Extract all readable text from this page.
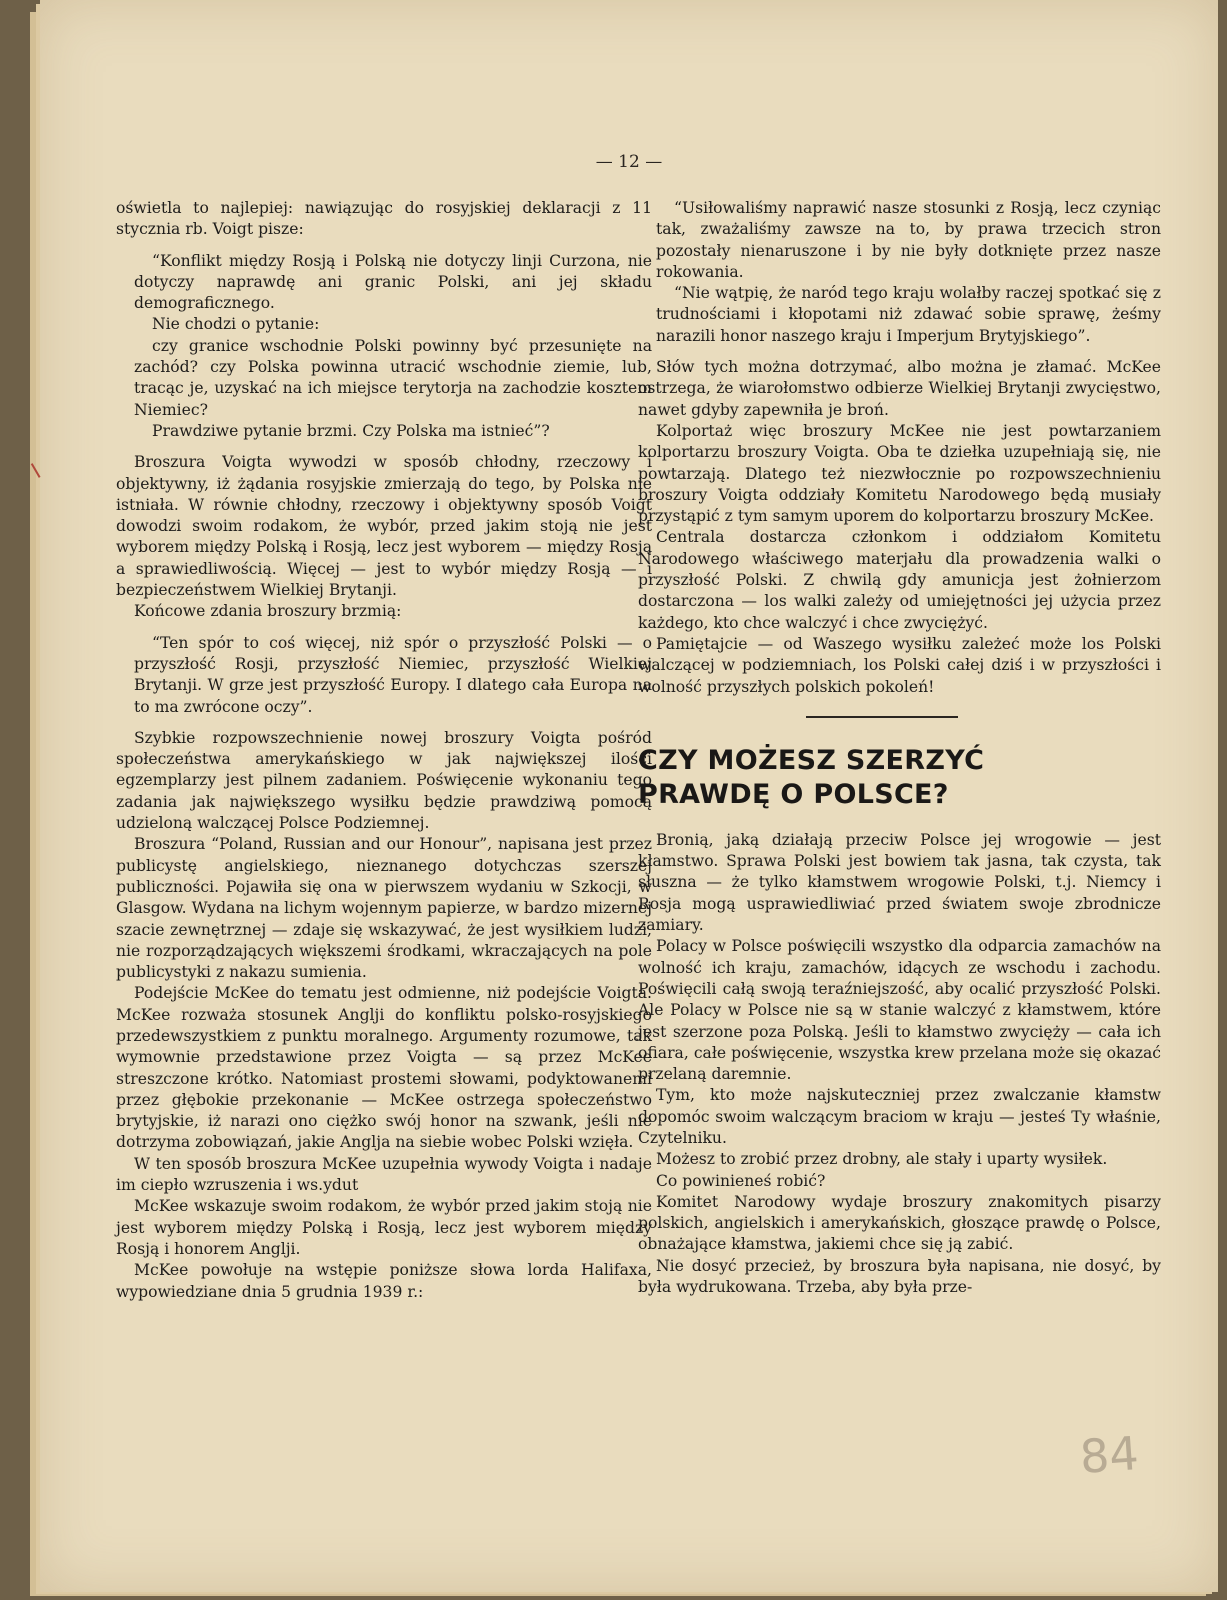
— 12 —

oświetla to najlepiej: nawiązując do rosyjskiej deklaracji z 11 stycznia rb. Voigt pisze:

“Konflikt między Rosją i Polską nie dotyczy linji Curzona, nie dotyczy naprawdę ani granic Polski, ani jej składu demograficznego.

Nie chodzi o pytanie:

czy granice wschodnie Polski powinny być przesunięte na zachód? czy Polska powinna utracić wschodnie ziemie, lub, tracąc je, uzyskać na ich miejsce terytorja na zachodzie kosztem Niemiec?

Prawdziwe pytanie brzmi. Czy Polska ma istnieć”?

Broszura Voigta wywodzi w sposób chłodny, rzeczowy i objektywny, iż żądania rosyjskie zmierzają do tego, by Polska nie istniała. W równie chłodny, rzeczowy i objektywny sposób Voigt dowodzi swoim rodakom, że wybór, przed jakim stoją nie jest wyborem między Polską i Rosją, lecz jest wyborem — między Rosją a sprawiedliwością. Więcej — jest to wybór między Rosją — i bezpieczeństwem Wielkiej Brytanji.

Końcowe zdania broszury brzmią:

“Ten spór to coś więcej, niż spór o przyszłość Polski — o przyszłość Rosji, przyszłość Niemiec, przyszłość Wielkiej Brytanji. W grze jest przyszłość Europy. I dlatego cała Europa na to ma zwrócone oczy”.

Szybkie rozpowszechnienie nowej broszury Voigta pośród społeczeństwa amerykańskiego w jak największej ilości egzemplarzy jest pilnem zadaniem. Poświęcenie wykonaniu tego zadania jak największego wysiłku będzie prawdziwą pomocą udzieloną walczącej Polsce Podziemnej.

Broszura “Poland, Russian and our Honour”, napisana jest przez publicystę angielskiego, nieznanego dotychczas szerszej publiczności. Pojawiła się ona w pierwszem wydaniu w Szkocji, w Glasgow. Wydana na lichym wojennym papierze, w bardzo mizernej szacie zewnętrznej — zdaje się wskazywać, że jest wysiłkiem ludzi, nie rozporządzających większemi środkami, wkraczających na pole publicystyki z nakazu sumienia.

Podejście McKee do tematu jest odmienne, niż podejście Voigta. McKee rozważa stosunek Anglji do konfliktu polsko-rosyjskiego przedewszystkiem z punktu moralnego. Argumenty rozumowe, tak wymownie przedstawione przez Voigta — są przez McKee streszczone krótko. Natomiast prostemi słowami, podyktowanemi przez głębokie przekonanie — McKee ostrzega społeczeństwo brytyjskie, iż narazi ono ciężko swój honor na szwank, jeśli nie dotrzyma zobowiązań, jakie Anglja na siebie wobec Polski wzięła.

W ten sposób broszura McKee uzupełnia wywody Voigta i nadaje im ciepło wzruszenia i ws.ydut

McKee wskazuje swoim rodakom, że wybór przed jakim stoją nie jest wyborem między Polską i Rosją, lecz jest wyborem między Rosją i honorem Anglji.

McKee powołuje na wstępie poniższe słowa lorda Halifaxa, wypowiedziane dnia 5 grudnia 1939 r.:

“Usiłowaliśmy naprawić nasze stosunki z Rosją, lecz czyniąc tak, zważaliśmy zawsze na to, by prawa trzecich stron pozostały nienaruszone i by nie były dotknięte przez nasze rokowania.

“Nie wątpię, że naród tego kraju wolałby raczej spotkać się z trudnościami i kłopotami niż zdawać sobie sprawę, żeśmy narazili honor naszego kraju i Imperjum Brytyjskiego”.

Słów tych można dotrzymać, albo można je złamać. McKee ostrzega, że wiarołomstwo odbierze Wielkiej Brytanji zwycięstwo, nawet gdyby zapewniła je broń.

Kolportaż więc broszury McKee nie jest powtarzaniem kolportarzu broszury Voigta. Oba te dziełka uzupełniają się, nie powtarzają. Dlatego też niezwłocznie po rozpowszechnieniu broszury Voigta oddziały Komitetu Narodowego będą musiały przystąpić z tym samym uporem do kolportarzu broszury McKee.

Centrala dostarcza członkom i oddziałom Komitetu Narodowego właściwego materjału dla prowadzenia walki o przyszłość Polski. Z chwilą gdy amunicja jest żołnierzom dostarczona — los walki zależy od umiejętności jej użycia przez każdego, kto chce walczyć i chce zwyciężyć.

Pamiętajcie — od Waszego wysiłku zależeć może los Polski walczącej w podziemniach, los Polski całej dziś i w przyszłości i wolność przyszłych polskich pokoleń!

CZY MOŻESZ SZERZYĆ
PRAWDĘ O POLSCE?

Bronią, jaką działają przeciw Polsce jej wrogowie — jest kłamstwo. Sprawa Polski jest bowiem tak jasna, tak czysta, tak słuszna — że tylko kłamstwem wrogowie Polski, t.j. Niemcy i Rosja mogą usprawiedliwiać przed światem swoje zbrodnicze zamiary.

Polacy w Polsce poświęcili wszystko dla odparcia zamachów na wolność ich kraju, zamachów, idących ze wschodu i zachodu. Poświęcili całą swoją teraźniejszość, aby ocalić przyszłość Polski. Ale Polacy w Polsce nie są w stanie walczyć z kłamstwem, które jest szerzone poza Polską. Jeśli to kłamstwo zwycięży — cała ich ofiara, całe poświęcenie, wszystka krew przelana może się okazać przelaną daremnie.

Tym, kto może najskuteczniej przez zwalczanie kłamstw dopomóc swoim walczącym braciom w kraju — jesteś Ty właśnie, Czytelniku.

Możesz to zrobić przez drobny, ale stały i uparty wysiłek.

Co powinieneś robić?

Komitet Narodowy wydaje broszury znakomitych pisarzy polskich, angielskich i amerykańskich, głoszące prawdę o Polsce, obnażające kłamstwa, jakiemi chce się ją zabić.

Nie dosyć przecież, by broszura była napisana, nie dosyć, by była wydrukowana. Trzeba, aby była prze-

84
